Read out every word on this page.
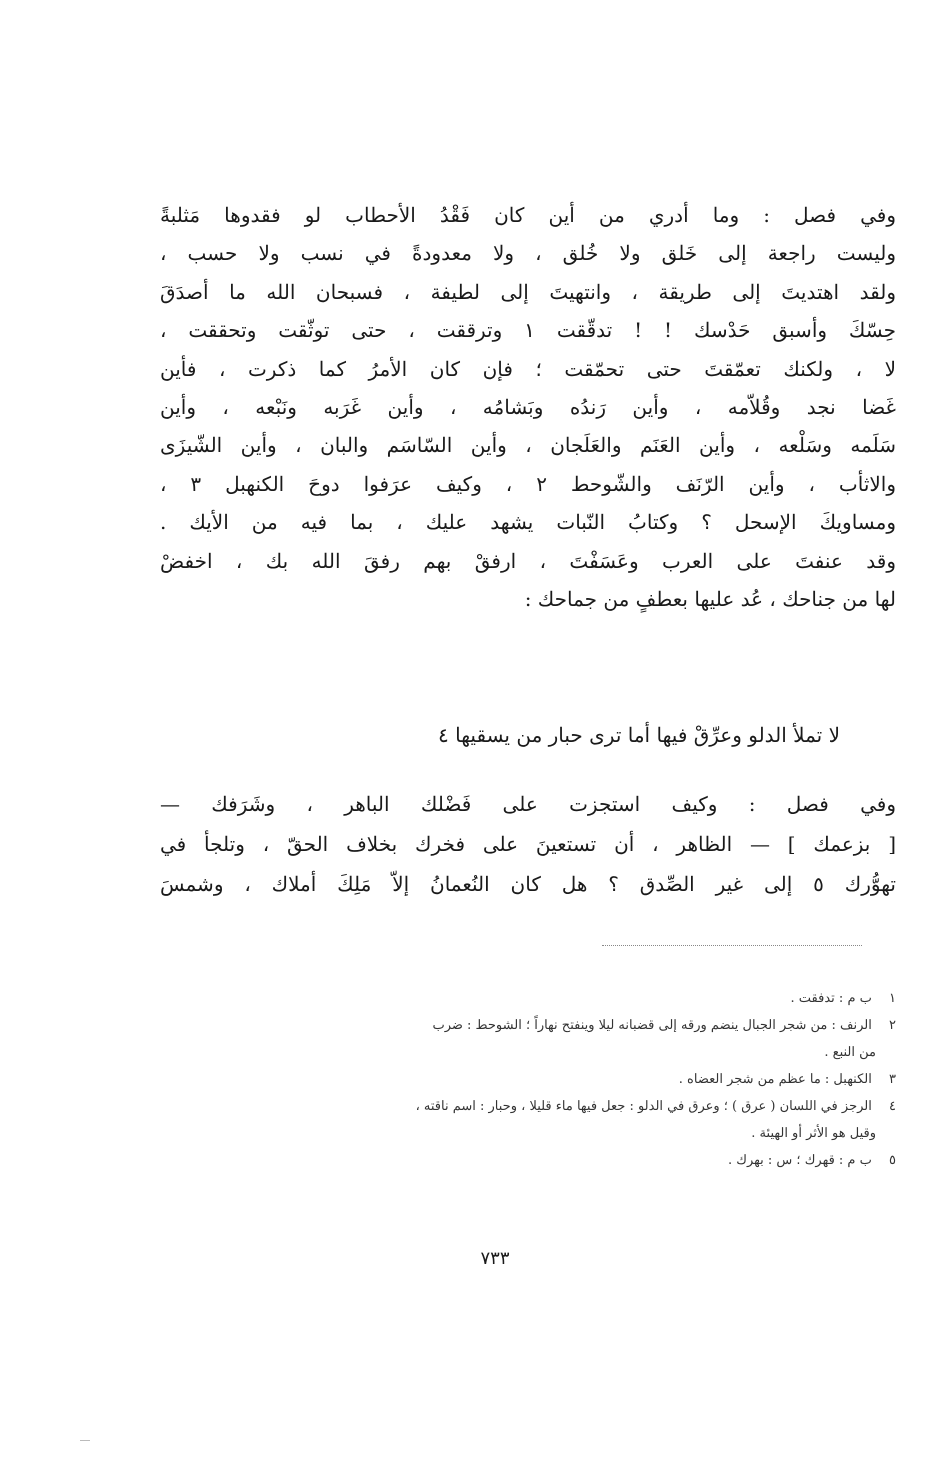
وفي فصل : وما أدري من أين كان فَقْدُ الأحطاب لو فقدوها مَثلبةً
وليست راجعة إلى خَلق ولا خُلق ، ولا معدودةً في نسب ولا حسب ،
ولقد اهتديتَ إلى طريقة ، وانتهيتَ إلى لطيفة ، فسبحان الله ما أصدَقَ
حِسّكَ وأسبق حَدْسك ! ! تدقّقت ١ وترققت ، حتى توثّقت وتحققت ،
لا ، ولكنك تعمّقتَ حتى تحمّقت ؛ فإن كان الأمرُ كما ذكرت ، فأين
غَضا نجد وقُلاّمه ، وأين رَندُه وبَشامُه ، وأين غَرَبه ونَبْعه ، وأين
سَلَمه وسَلْعه ، وأين العَنَم والعَلَجان ، وأين السّاسَم والبان ، وأين الشّيزَى
والاثأب ، وأين الرّنَف والشّوحط ٢ ، وكيف عرَفوا دوحَ الكنهبل ٣ ،
ومساويكَ الإسحل ؟ وكتابُ النّبات يشهد عليك ، بما فيه من الأيك .
وقد عنفتَ على العرب وعَسَفْتَ ، ارفقْ بهم رفقَ الله بك ، اخفضْ
لها من جناحك ، عُد عليها بعطفٍ من جماحك :
لا تملأ الدلو وعرِّقْ فيها أما ترى حبار من يسقيها ٤
وفي فصل : وكيف استجزت على فَضْلك الباهر ، وشَرَفك —
[ بزعمك ] — الظاهر ، أن تستعينَ على فخرك بخلاف الحقّ ، وتلجأ في
تهوُّرك ٥ إلى غير الصِّدق ؟ هل كان النُعمانُ إلاّ مَلِكَ أملاك ، وشمسَ
١ ب م : تدفقت .
٢ الرنف : من شجر الجبال ينضم ورقه إلى قضبانه ليلا وينفتح نهاراً ؛ الشوحط : ضرب
من النبع .
٣ الكنهبل : ما عظم من شجر العضاه .
٤ الرجز في اللسان ( عرق ) ؛ وعرق في الدلو : جعل فيها ماء قليلا ، وحبار : اسم ناقته ،
وقيل هو الأثر أو الهيئة .
٥ ب م : قهرك ؛ س : بهرك .
٧٣٣
